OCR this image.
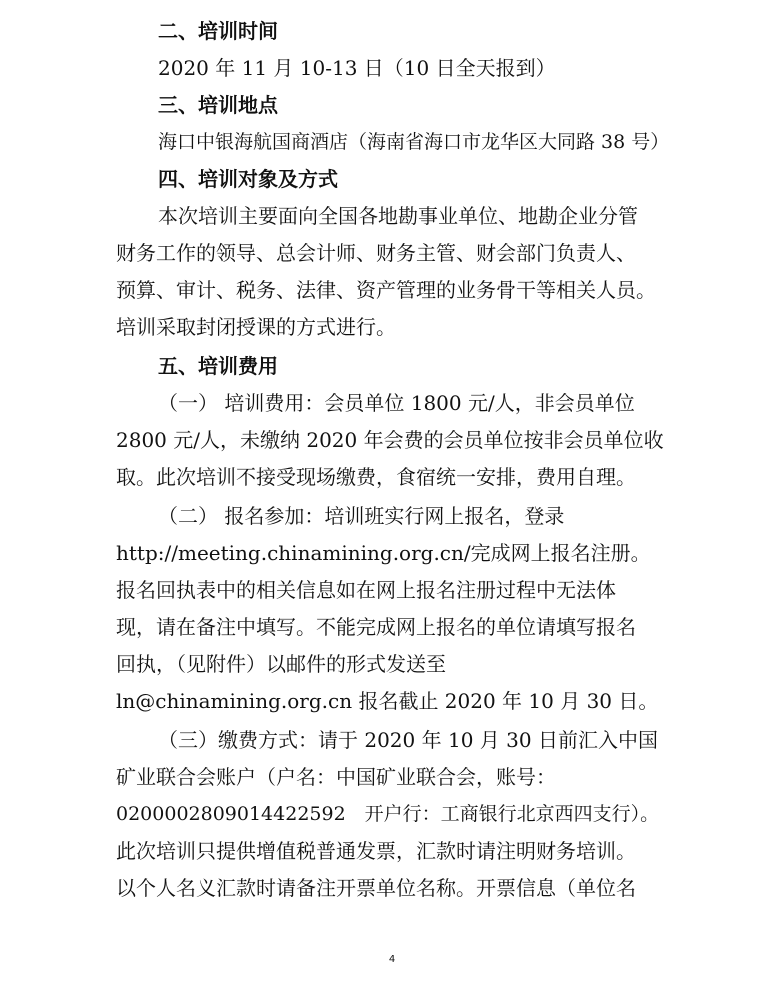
二、培训时间
2020 年 11 月 10-13 日（10 日全天报到）
三、培训地点
海口中银海航国商酒店（海南省海口市龙华区大同路 38 号）
四、培训对象及方式
本次培训主要面向全国各地勘事业单位、地勘企业分管
财务工作的领导、总会计师、财务主管、财会部门负责人、
预算、审计、税务、法律、资产管理的业务骨干等相关人员。
培训采取封闭授课的方式进行。
五、培训费用
（一） 培训费用：会员单位 1800 元/人，非会员单位
2800 元/人，未缴纳 2020 年会费的会员单位按非会员单位收
取。此次培训不接受现场缴费，食宿统一安排，费用自理。
（二） 报名参加：培训班实行网上报名，登录
http://meeting.chinamining.org.cn/完成网上报名注册。
报名回执表中的相关信息如在网上报名注册过程中无法体
现，请在备注中填写。不能完成网上报名的单位请填写报名
回执，（见附件）以邮件的形式发送至
ln@chinamining.org.cn 报名截止 2020 年 10 月 30 日。
（三）缴费方式：请于 2020 年 10 月 30 日前汇入中国
矿业联合会账户（户名：中国矿业联合会，账号：
0200002809014422592　开户行：工商银行北京西四支行）。
此次培训只提供增值税普通发票，汇款时请注明财务培训。
以个人名义汇款时请备注开票单位名称。开票信息（单位名
4
